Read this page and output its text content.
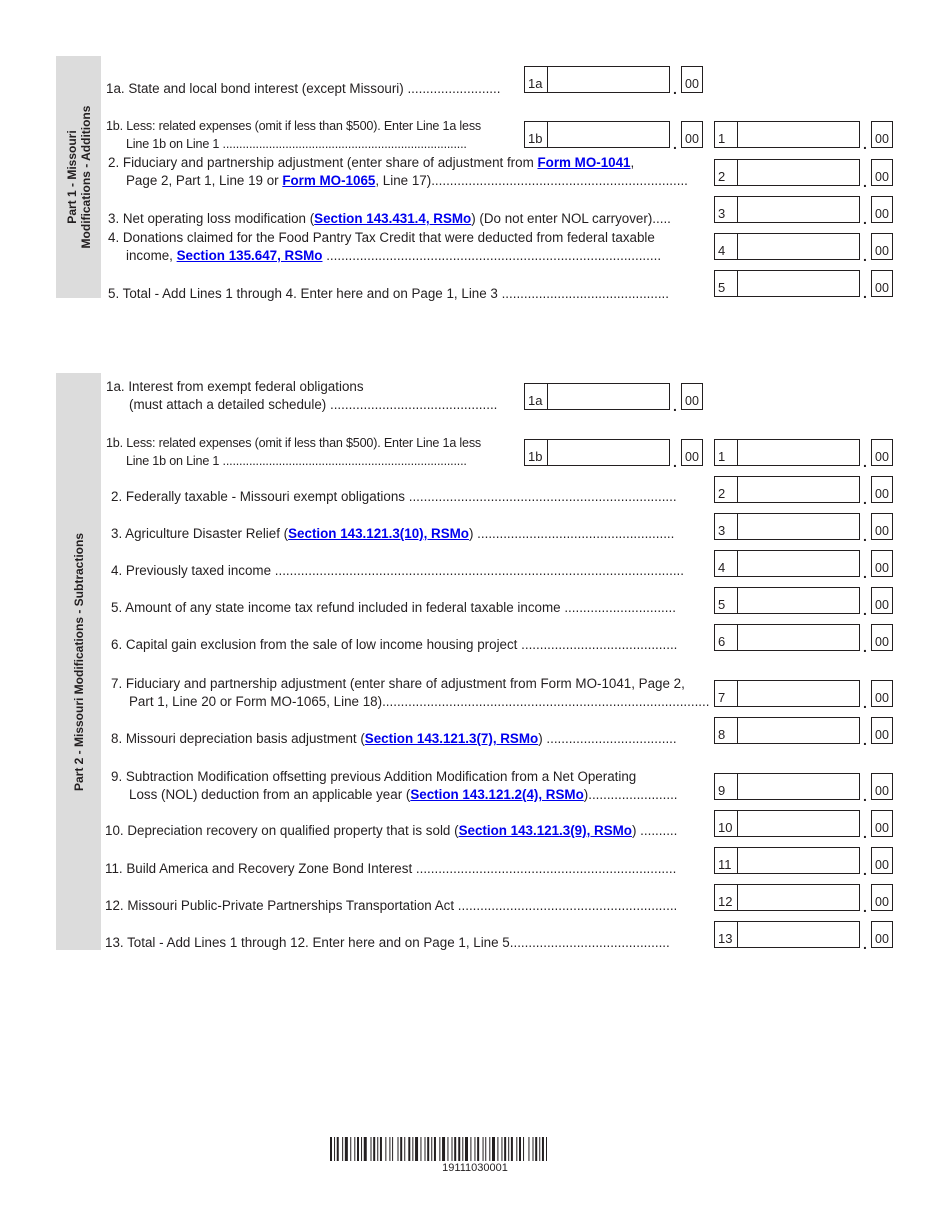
Part 1 - Missouri Modifications - Additions
1a. State and local bond interest (except Missouri) ......................... 1a	. 00
1b. Less: related expenses (omit if less than $500). Enter Line 1a less
Line 1b on Line 1 ..........................................................................	1b	. 00 1	. 00
2. Fiduciary and partnership adjustment (enter share of adjustment from Form MO-1041,
Page 2, Part 1, Line 19 or Form MO-1065, Line 17)..................................................................... 2	. 00
3. Net operating loss modification (Section 143.431.4, RSMo) (Do not enter NOL carryover).....	3	. 00
4. Donations claimed for the Food Pantry Tax Credit that were deducted from federal taxable
income, Section 135.647, RSMo ..........................................................................................	4	. 00
5. Total - Add Lines 1 through 4. Enter here and on Page 1, Line 3 .............................................	5	. 00
Part 2 - Missouri Modifications - Subtractions
1a. Interest from exempt federal obligations
(must attach a detailed schedule) ............................................. 1a	. 00
1b. Less: related expenses (omit if less than $500). Enter Line 1a less
Line 1b on Line 1 ..........................................................................	1b	. 00 1	. 00
2. Federally taxable - Missouri exempt obligations ........................................................................	2	. 00
3. Agriculture Disaster Relief (Section 143.121.3(10), RSMo) .....................................................	3	. 00
4. Previously taxed income ..............................................................................................................	4	. 00
5. Amount of any state income tax refund included in federal taxable income ..............................	5	. 00
6. Capital gain exclusion from the sale of low income housing project ..........................................	6	. 00
7. Fiduciary and partnership adjustment (enter share of adjustment from Form MO-1041, Page 2,
Part 1, Line 20 or Form MO-1065, Line 18)........................................................................................ 7	. 00
8. Missouri depreciation basis adjustment (Section 143.121.3(7), RSMo) ...................................	8	. 00
9. Subtraction Modification offsetting previous Addition Modification from a Net Operating
Loss (NOL) deduction from an applicable year (Section 143.121.2(4), RSMo)........................	9	. 00
10. Depreciation recovery on qualified property that is sold (Section 143.121.3(9), RSMo) ..........	10	. 00
11. Build America and Recovery Zone Bond Interest ......................................................................	11	. 00
12. Missouri Public-Private Partnerships Transportation Act ...........................................................	12	. 00
13. Total - Add Lines 1 through 12. Enter here and on Page 1, Line 5...........................................	13	. 00
19111030001
